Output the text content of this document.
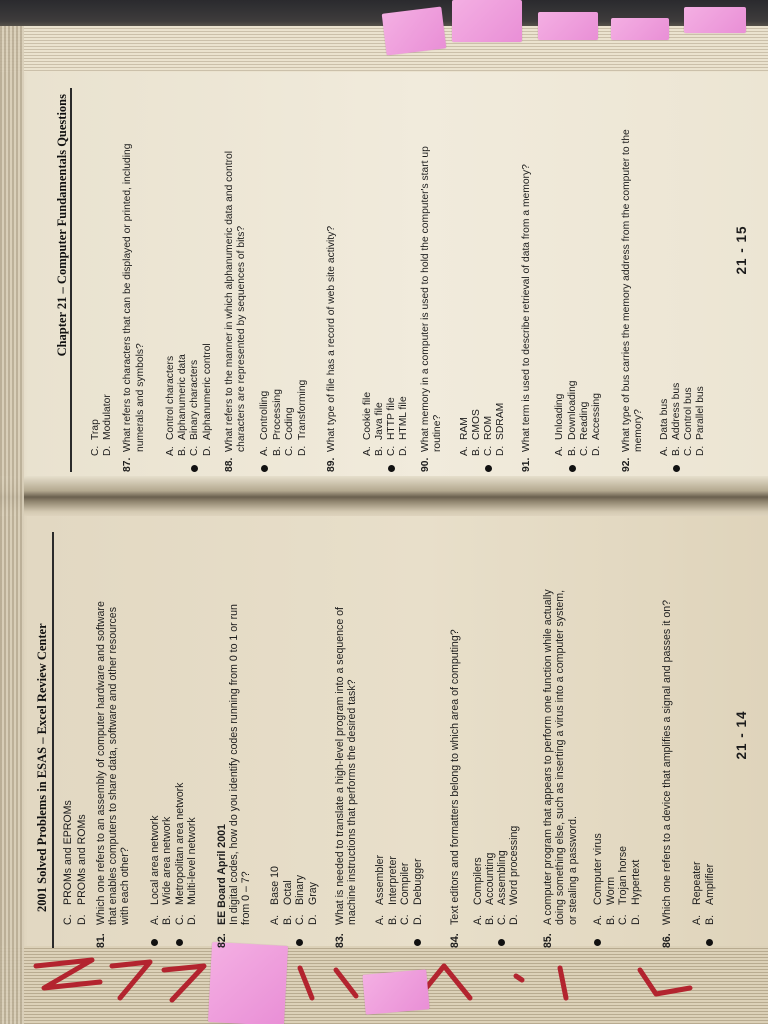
2001 Solved Problems in ESAS – Excel Review Center
C.PROMs and EPROMs
D.PROMs and ROMs
81.Which one refers to an assembly of computer hardware and software that enables computers to share data, software and other resources with each other? A.Local area network
B.Wide area network
C.Metropolitan area network
D.Multi-level network
82.EE Board April 2001 In digital codes, how do you identify codes running from 0 to 1 or run from 0 – 7? A.Base 10
B.Octal
C.Binary
D.Gray
83.What is needed to translate a high-level program into a sequence of machine instructions that performs the desired task? A.Assembler
B.Interpreter
C.Compiler
D.Debugger
84.Text editors and formatters belong to which area of computing? A.Compilers
B.Accounting
C.Assembling
D.Word processing
85.A computer program that appears to perform one function while actually doing something else, such as inserting a virus into a computer system, or stealing a password. A.Computer virus
B.Worm
C.Trojan horse
D.Hypertext
86.Which one refers to a device that amplifies a signal and passes it on? A.Repeater
B.Amplifier
21 - 14
Chapter 21 – Computer Fundamentals Questions
C.Trap
D.Modulator
87.What refers to characters that can be displayed or printed, including numerals and symbols? A.Control characters
B.Alphanumeric data
C.Binary characters
D.Alphanumeric control
88.What refers to the manner in which alphanumeric data and control characters are represented by sequences of bits? A.Controlling
B.Processing
C.Coding
D.Transforming
89.What type of file has a record of web site activity? A.Cookie file
B.Java file
C.HTTP file
D.HTML file
90.What memory in a computer is used to hold the computer's start up routine? A.RAM
B.CMOS
C.ROM
D.SDRAM
91.What term is used to describe retrieval of data from a memory? A.Unloading
B.Downloading
C.Reading
D.Accessing
92.What type of bus carries the memory address from the computer to the memory? A.Data bus
B.Address bus
C.Control bus
D.Parallel bus
21 - 15
